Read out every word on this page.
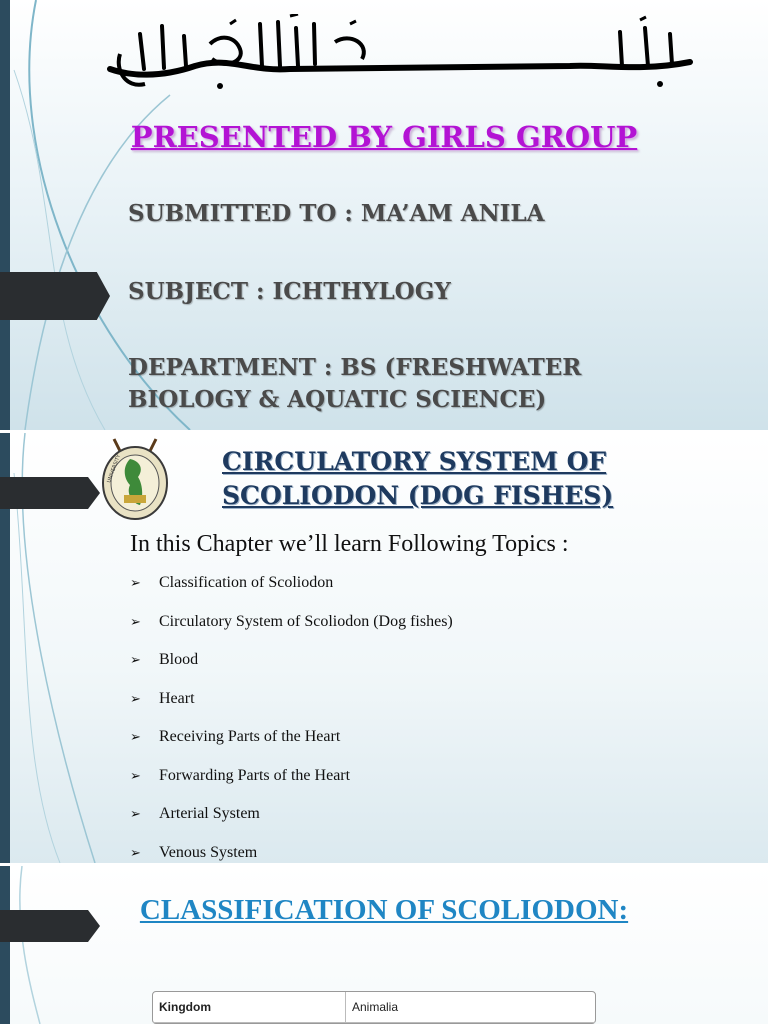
PRESENTED BY GIRLS GROUP

SUBMITTED TO : MA’AM ANILA

SUBJECT : ICHTHYLOGY

DEPARTMENT : BS (FRESHWATER
BIOLOGY & AQUATIC SCIENCE)

UNIVERSITY	CIRCULATORY SYSTEM OF
SCOLIODON (DOG FISHES)

In this Chapter we’ll learn Following Topics :

➢	Classification of Scoliodon
➢	Circulatory System of Scoliodon (Dog fishes)
➢	Blood
➢	Heart
➢	Receiving Parts of the Heart
➢	Forwarding Parts of the Heart
➢	Arterial System
➢	Venous System
CLASSIFICATION OF SCOLIODON:
Kingdom	Animalia
